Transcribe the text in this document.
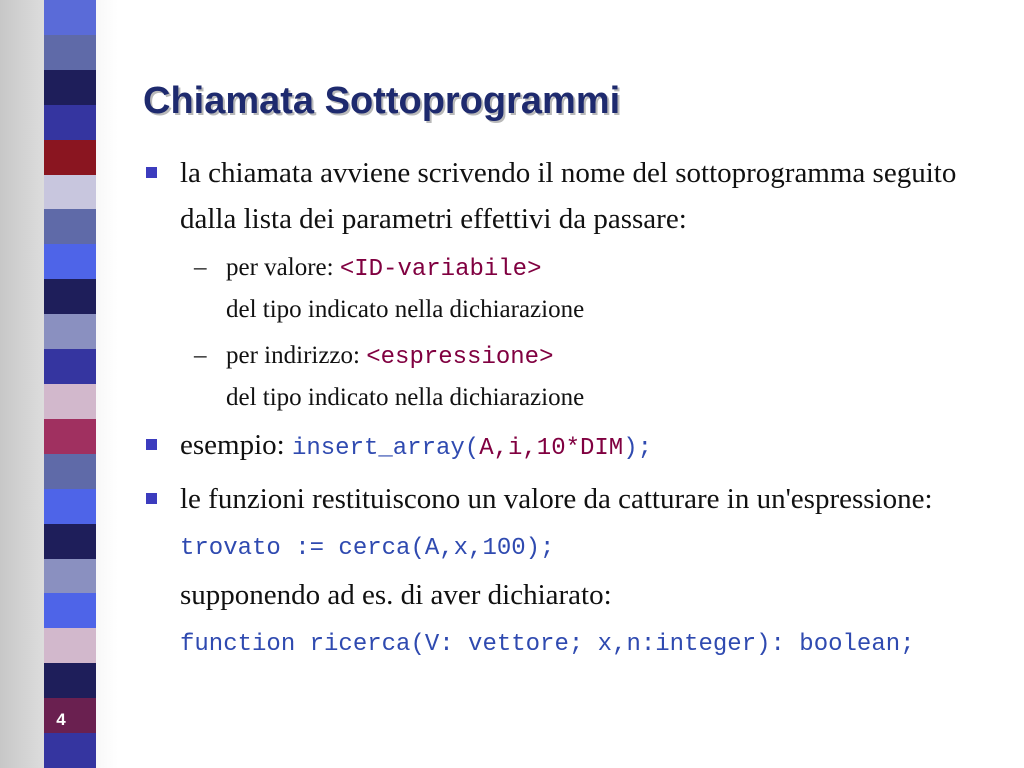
4
Chiamata Sottoprogrammi
la chiamata avviene scrivendo il nome del sottoprogramma seguito dalla lista dei parametri effettivi da passare:
– per valore: <ID-variabile>
del tipo indicato nella dichiarazione
– per indirizzo: <espressione>
del tipo indicato nella dichiarazione
esempio: insert_array(A,i,10*DIM);
le funzioni restituiscono un valore da catturare in un'espressione: trovato := cerca(A,x,100);
supponendo ad es. di aver dichiarato:
function ricerca(V: vettore; x,n:integer): boolean;
